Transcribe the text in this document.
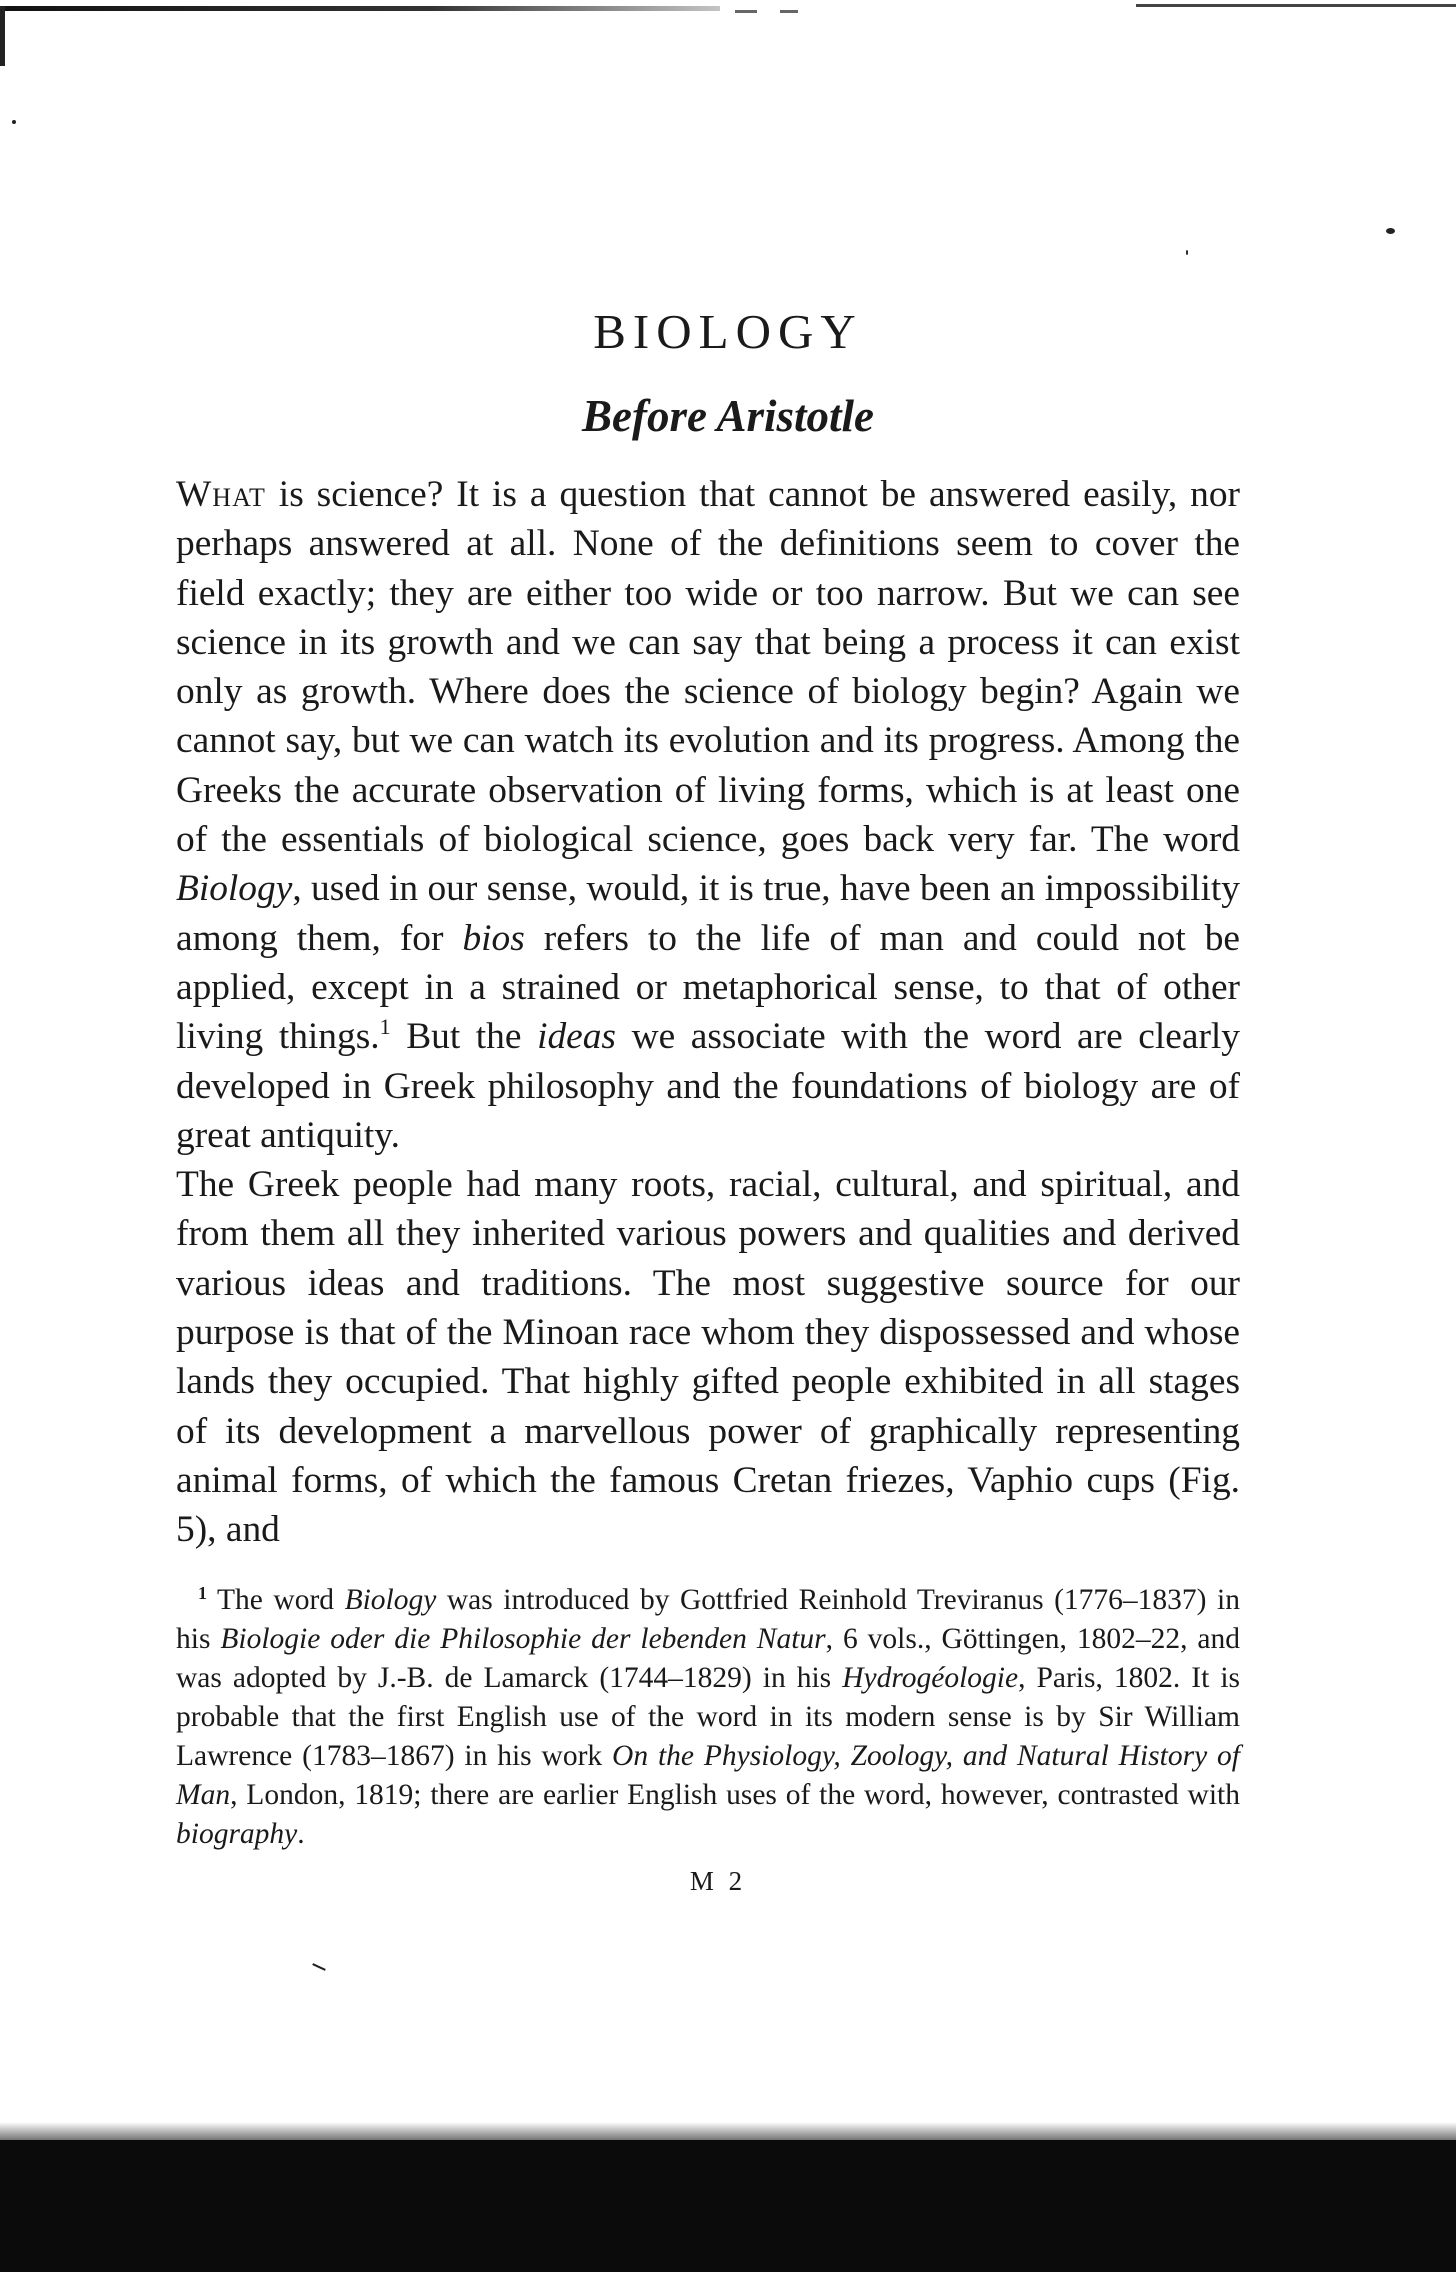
BIOLOGY
Before Aristotle

What is science? It is a question that cannot be answered easily, nor perhaps answered at all. None of the definitions seem to cover the field exactly; they are either too wide or too narrow. But we can see science in its growth and we can say that being a process it can exist only as growth. Where does the science of biology begin? Again we cannot say, but we can watch its evolution and its progress. Among the Greeks the accurate observation of living forms, which is at least one of the essentials of biological science, goes back very far. The word Biology, used in our sense, would, it is true, have been an impossibility among them, for bios refers to the life of man and could not be applied, except in a strained or metaphorical sense, to that of other living things.$^1$ But the ideas we associate with the word are clearly developed in Greek philosophy and the foundations of biology are of great antiquity.

The Greek people had many roots, racial, cultural, and spiritual, and from them all they inherited various powers and qualities and derived various ideas and traditions. The most suggestive source for our purpose is that of the Minoan race whom they dispossessed and whose lands they occupied. That highly gifted people exhibited in all stages of its development a marvellous power of graphically representing animal forms, of which the famous Cretan friezes, Vaphio cups (Fig. 5), and

$^1$ The word Biology was introduced by Gottfried Reinhold Treviranus (1776–1837) in his Biologie oder die Philosophie der lebenden Natur, 6 vols., Göttingen, 1802–22, and was adopted by J.-B. de Lamarck (1744–1829) in his Hydrogéologie, Paris, 1802. It is probable that the first English use of the word in its modern sense is by Sir William Lawrence (1783–1867) in his work On the Physiology, Zoology, and Natural History of Man, London, 1819; there are earlier English uses of the word, however, contrasted with biography.
M 2
